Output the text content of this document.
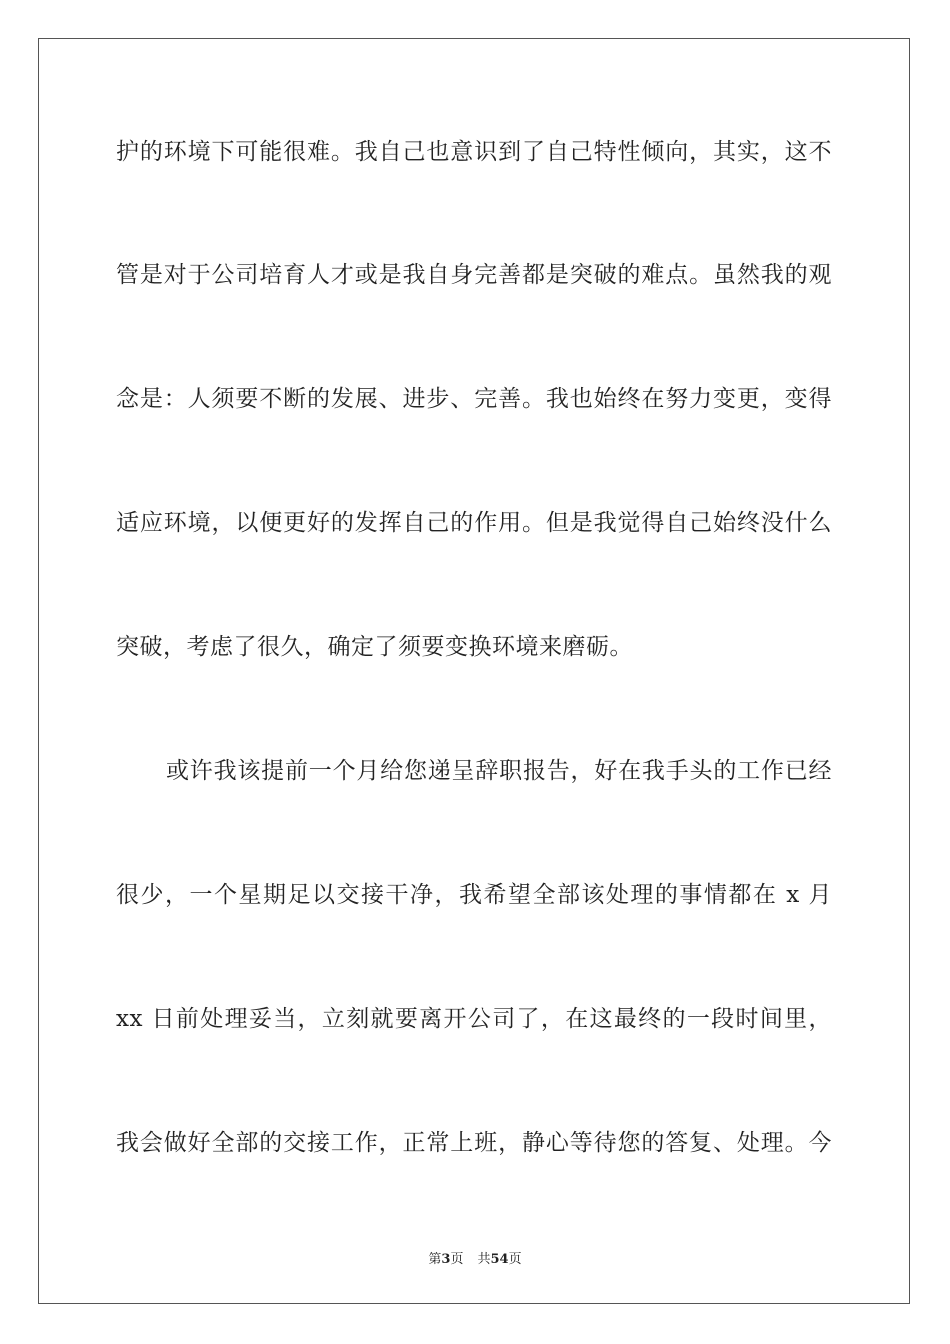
护的环境下可能很难。我自己也意识到了自己特性倾向，其实，这不
管是对于公司培育人才或是我自身完善都是突破的难点。虽然我的观
念是：人须要不断的发展、进步、完善。我也始终在努力变更，变得
适应环境，以便更好的发挥自己的作用。但是我觉得自己始终没什么
突破，考虑了很久，确定了须要变换环境来磨砺。
或许我该提前一个月给您递呈辞职报告，好在我手头的工作已经
很少，一个星期足以交接干净，我希望全部该处理的事情都在 x 月
xx 日前处理妥当，立刻就要离开公司了，在这最终的一段时间里，
我会做好全部的交接工作，正常上班，静心等待您的答复、处理。今
第3页 共54页
